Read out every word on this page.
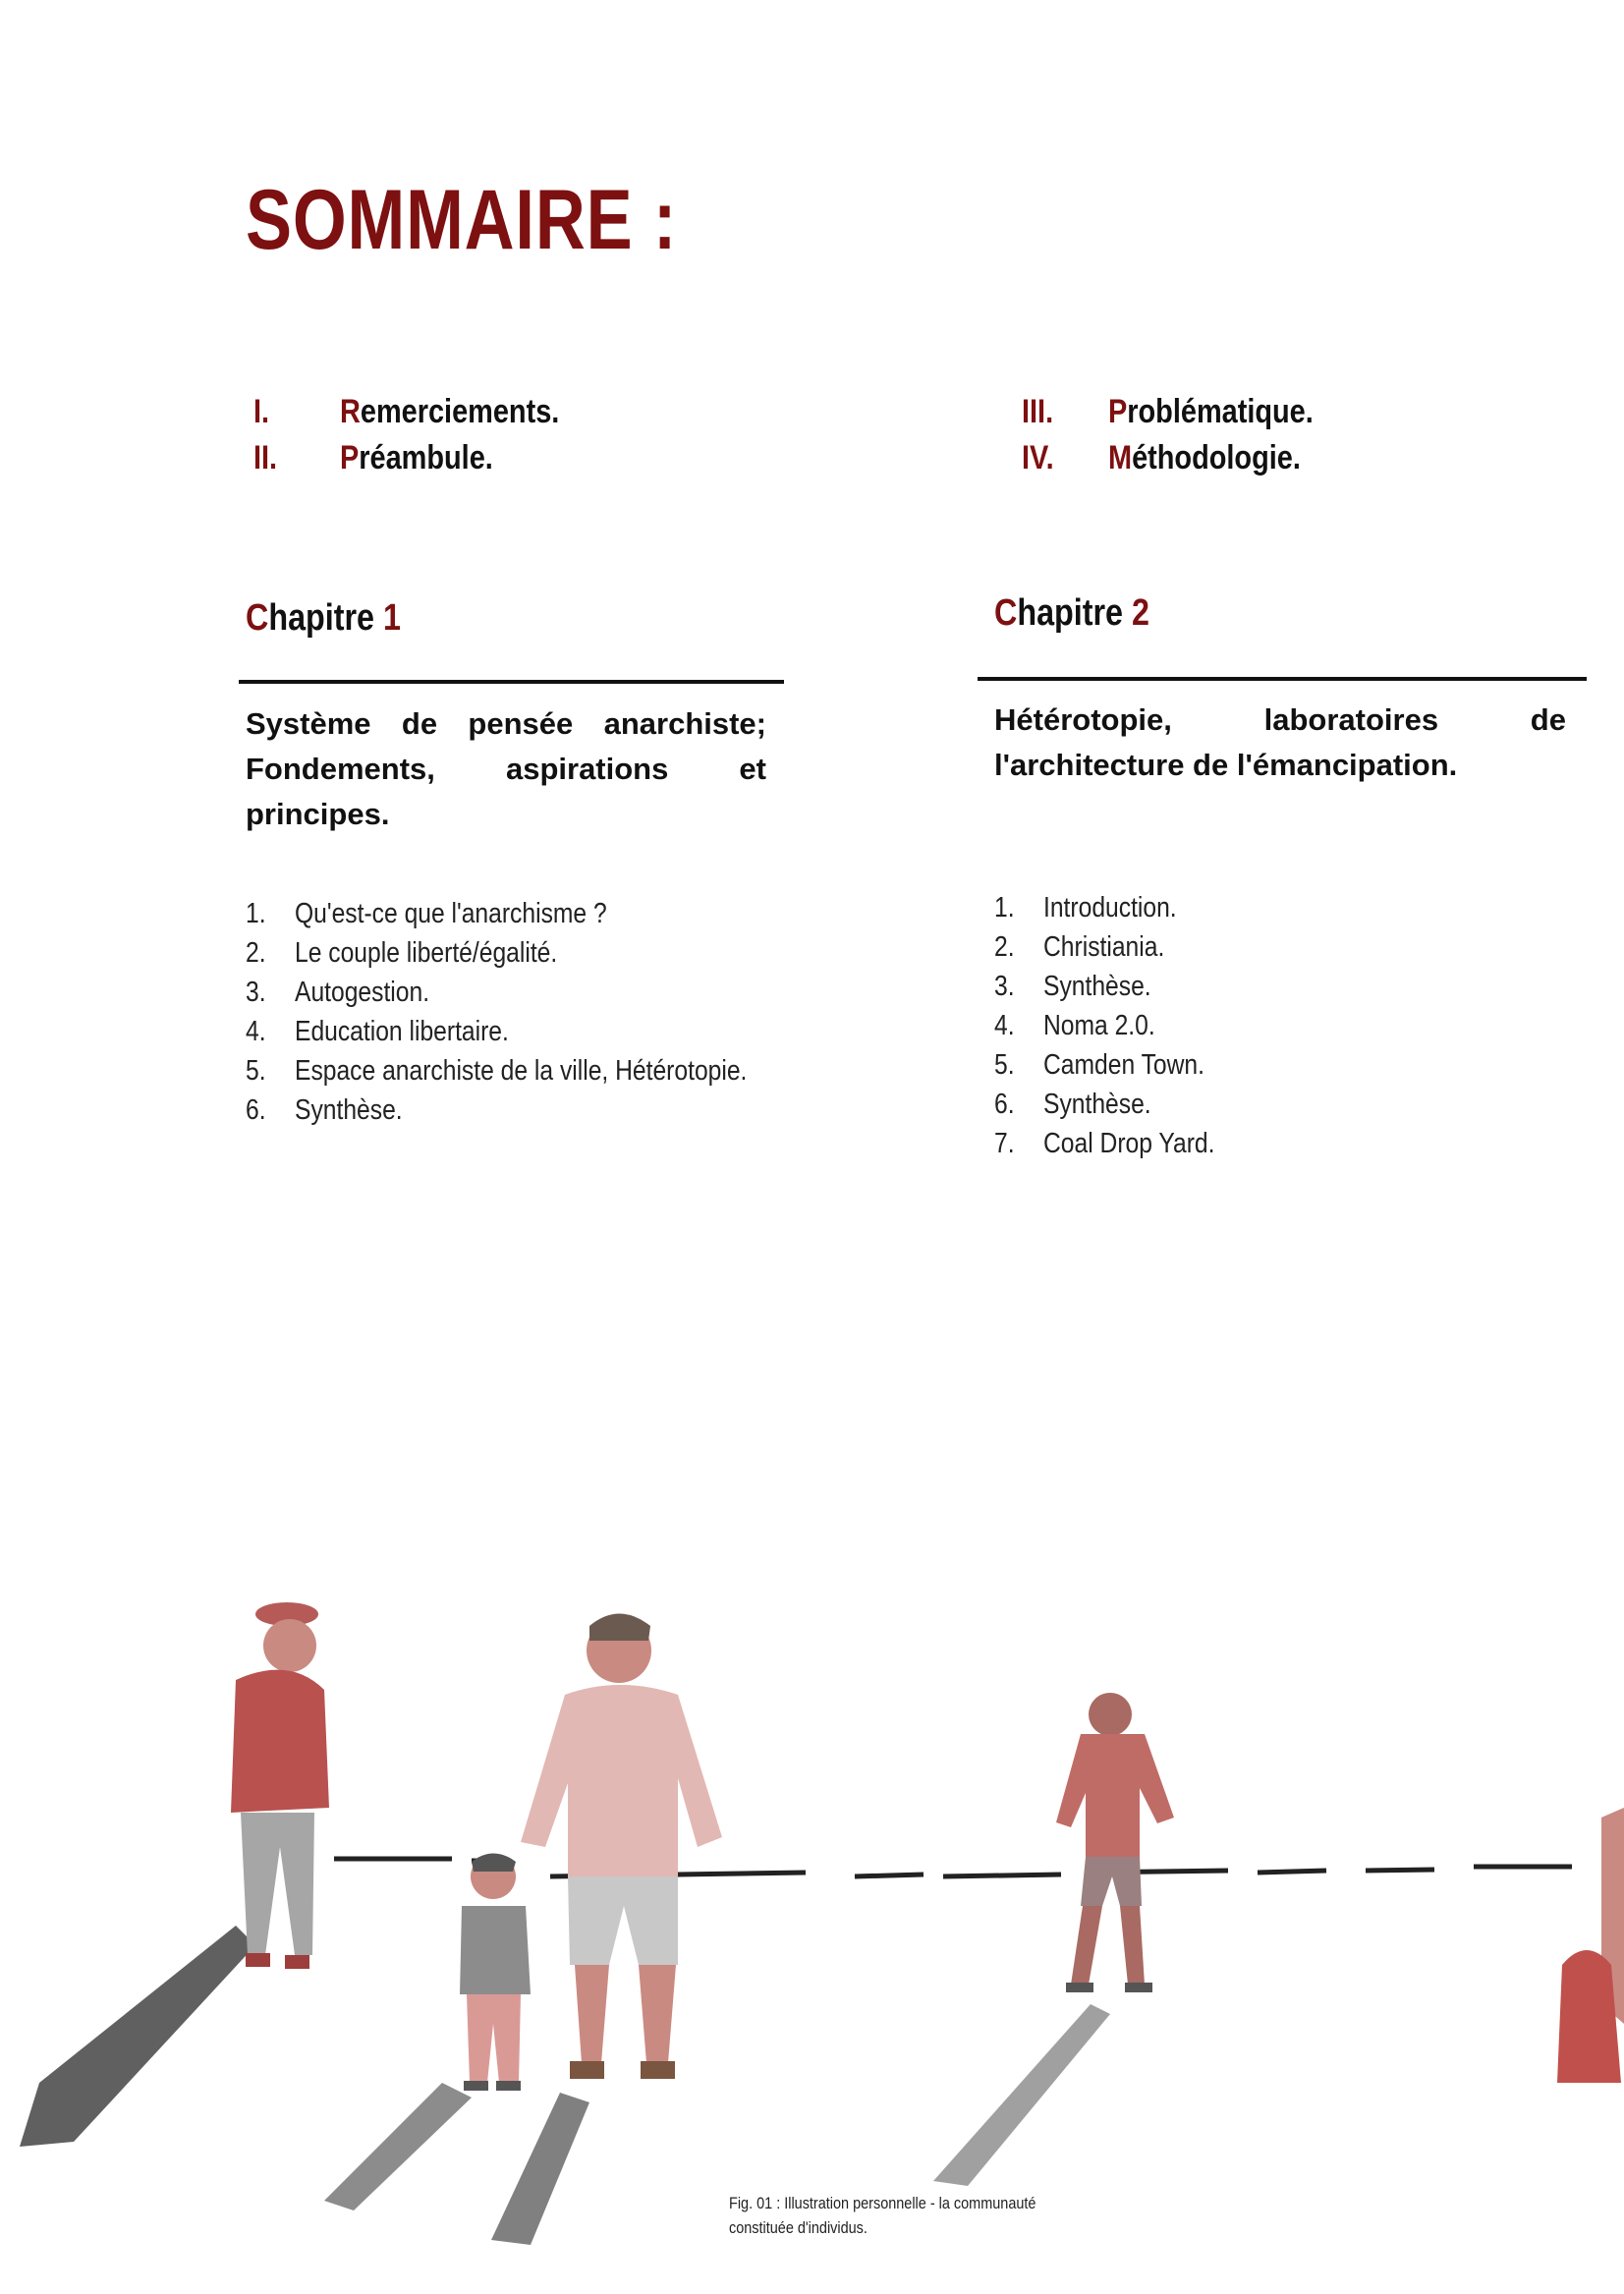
SOMMAIRE :
I.	Remerciements.
II.	Préambule.
III.	Problématique.
IV.	Méthodologie.
Chapitre 1
Système de pensée anarchiste; Fondements, aspirations et principes.
1.	Qu'est-ce que l'anarchisme ?
2.	Le couple liberté/égalité.
3.	Autogestion.
4.	Education libertaire.
5.	Espace anarchiste de la ville, Hétérotopie.
6.	Synthèse.
Chapitre 2
Hétérotopie, laboratoires de l'architecture de l'émancipation.
1.	Introduction.
2.	Christiania.
3.	Synthèse.
4.	Noma 2.0.
5.	Camden Town.
6.	Synthèse.
7.	Coal Drop Yard.
Fig. 01 : Illustration personnelle - la communauté
constituée d'individus.
